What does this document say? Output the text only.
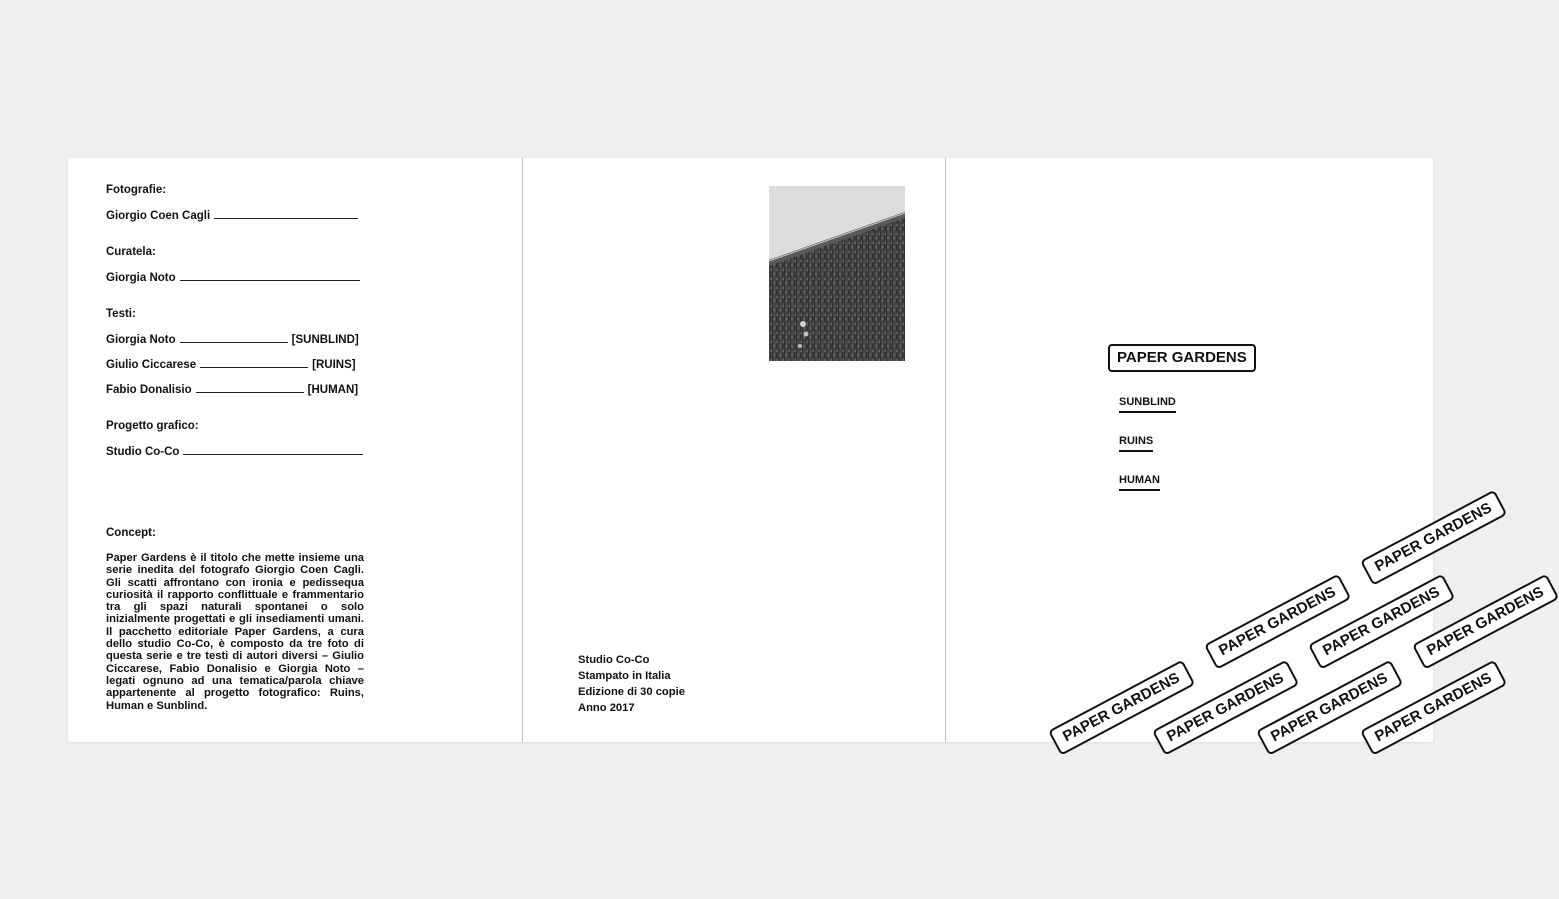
Fotografie:
Giorgio Coen Cagli
Curatela:
Giorgia Noto
Testi:
Giorgia Noto	[SUNBLIND]
Giulio Ciccarese	[RUINS]
Fabio Donalisio	[HUMAN]
Progetto grafico:
Studio Co-Co
Concept:
Paper Gardens è il titolo che mette insieme una serie inedita del fotografo Giorgio Coen Cagli. Gli scatti affrontano con ironia e pedissequa curiosità il rapporto conflittuale e frammentario tra gli spazi naturali spontanei o solo inizialmente progettati e gli insediamenti umani. Il pacchetto editoriale Paper Gardens, a cura dello studio Co-Co, è composto da tre foto di questa serie e tre testi di autori diversi – Giulio Ciccarese, Fabio Donalisio e Giorgia Noto – legati ognuno ad una tematica/parola chiave appartenente al progetto fotografico: Ruins, Human e Sunblind.
Studio Co-Co
Stampato in Italia
Edizione di 30 copie
Anno 2017
PAPER GARDENS
SUNBLIND
RUINS
HUMAN
PAPER GARDENS
PAPER GARDENS
PAPER GARDENS
PAPER GARDENS
PAPER GARDENS
PAPER GARDENS
PAPER GARDENS
PAPER GARDENS
